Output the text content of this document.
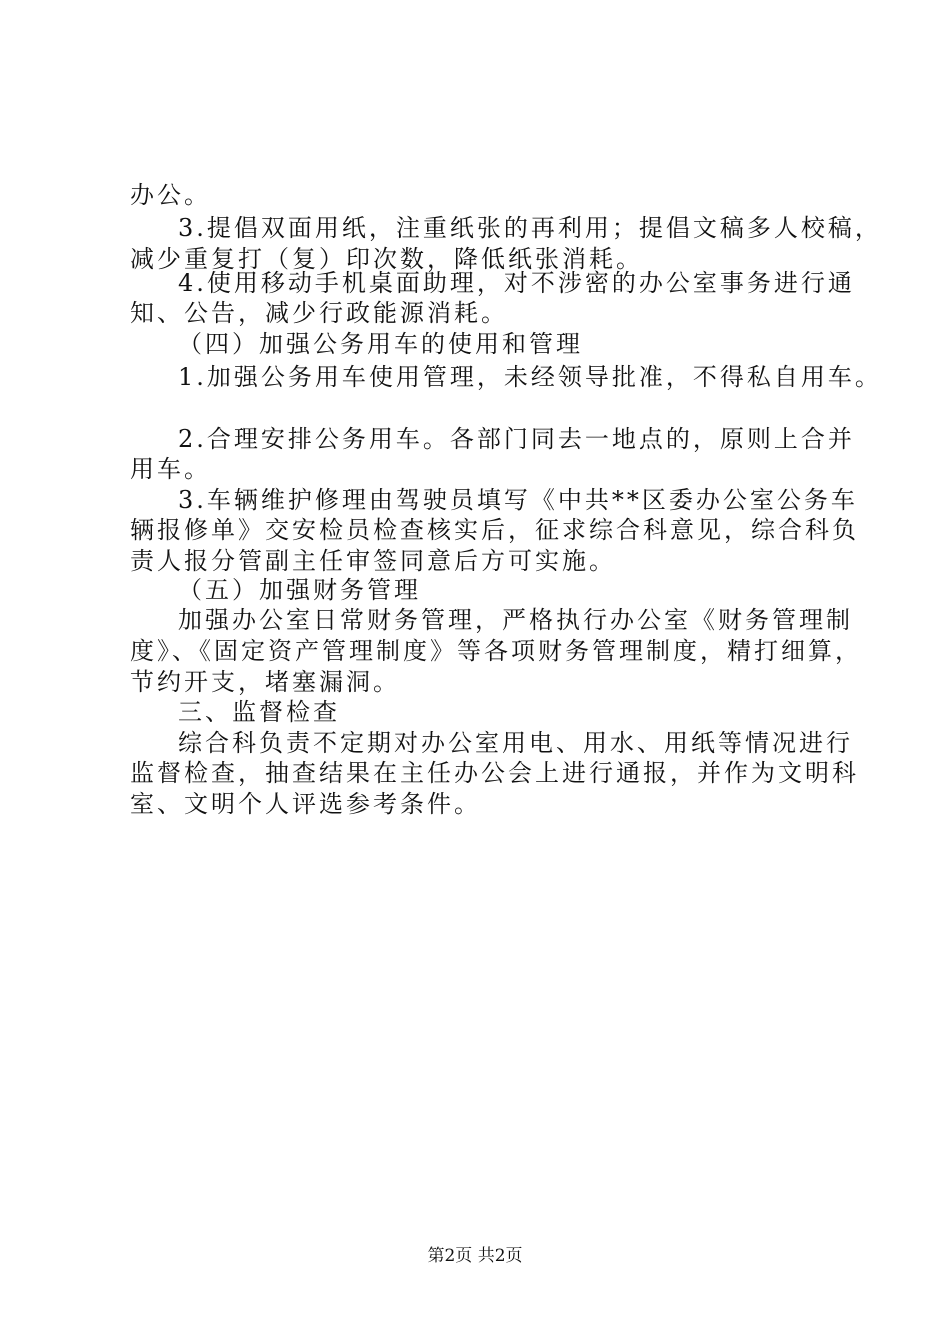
办公。
3.提倡双面用纸，注重纸张的再利用；提倡文稿多人校稿，
减少重复打（复）印次数，降低纸张消耗。
4.使用移动手机桌面助理，对不涉密的办公室事务进行通
知、公告，减少行政能源消耗。
（四）加强公务用车的使用和管理
1.加强公务用车使用管理，未经领导批准，不得私自用车。
2.合理安排公务用车。各部门同去一地点的，原则上合并
用车。
3.车辆维护修理由驾驶员填写《中共**区委办公室公务车
辆报修单》交安检员检查核实后，征求综合科意见，综合科负
责人报分管副主任审签同意后方可实施。
（五）加强财务管理
加强办公室日常财务管理，严格执行办公室《财务管理制
度》、《固定资产管理制度》等各项财务管理制度，精打细算，
节约开支，堵塞漏洞。
三、监督检查
综合科负责不定期对办公室用电、用水、用纸等情况进行
监督检查，抽查结果在主任办公会上进行通报，并作为文明科
室、文明个人评选参考条件。
第2页 共2页
